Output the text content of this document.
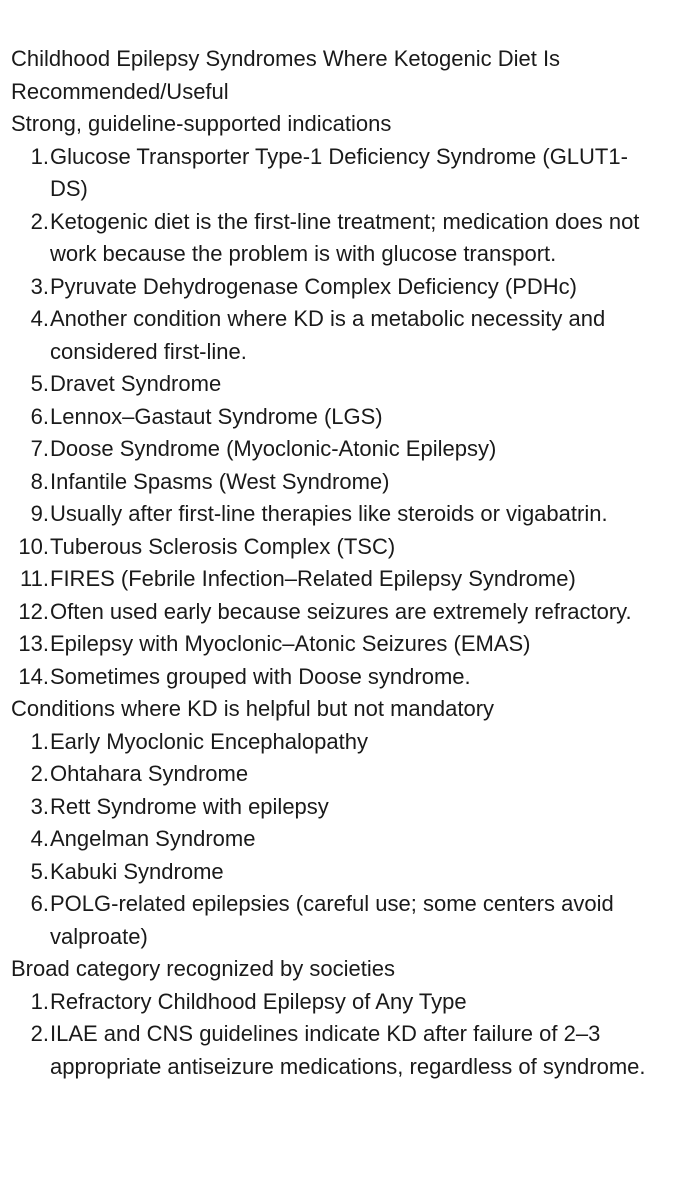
Childhood Epilepsy Syndromes Where Ketogenic Diet Is Recommended/Useful
Strong, guideline-supported indications
1. Glucose Transporter Type-1 Deficiency Syndrome (GLUT1-DS)
2. Ketogenic diet is the first-line treatment; medication does not work because the problem is with glucose transport.
3. Pyruvate Dehydrogenase Complex Deficiency (PDHc)
4. Another condition where KD is a metabolic necessity and considered first-line.
5. Dravet Syndrome
6. Lennox–Gastaut Syndrome (LGS)
7. Doose Syndrome (Myoclonic-Atonic Epilepsy)
8. Infantile Spasms (West Syndrome)
9. Usually after first-line therapies like steroids or vigabatrin.
10. Tuberous Sclerosis Complex (TSC)
11. FIRES (Febrile Infection–Related Epilepsy Syndrome)
12. Often used early because seizures are extremely refractory.
13. Epilepsy with Myoclonic–Atonic Seizures (EMAS)
14. Sometimes grouped with Doose syndrome.
Conditions where KD is helpful but not mandatory
1. Early Myoclonic Encephalopathy
2. Ohtahara Syndrome
3. Rett Syndrome with epilepsy
4. Angelman Syndrome
5. Kabuki Syndrome
6. POLG-related epilepsies (careful use; some centers avoid valproate)
Broad category recognized by societies
1. Refractory Childhood Epilepsy of Any Type
2. ILAE and CNS guidelines indicate KD after failure of 2–3 appropriate antiseizure medications, regardless of syndrome.
